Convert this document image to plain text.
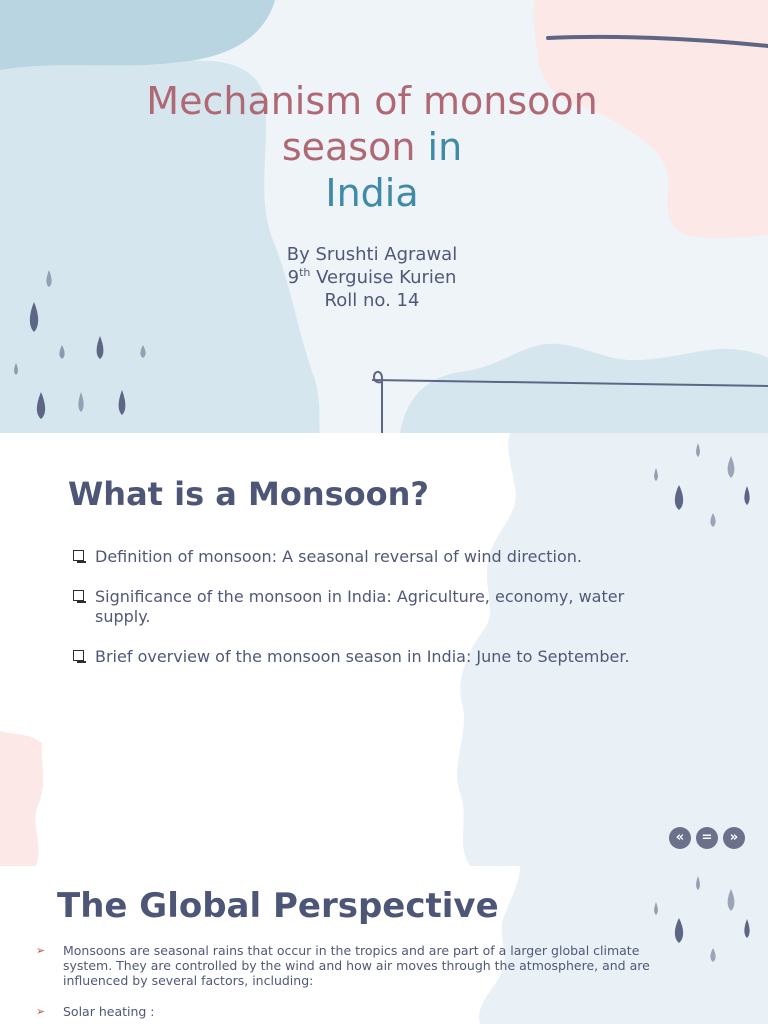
Mechanism of monsoon season in
India
By Srushti Agrawal
9th Verguise Kurien
Roll no. 14
What is a Monsoon?
Definition of monsoon: A seasonal reversal of wind direction.
Significance of the monsoon in India: Agriculture, economy, water supply.
Brief overview of the monsoon season in India: June to September.
«	=	»
The Global Perspective
➢ Monsoons are seasonal rains that occur in the tropics and are part of a larger global climate system. They are controlled by the wind and how air moves through the atmosphere, and are influenced by several factors, including:
➢ Solar heating :
